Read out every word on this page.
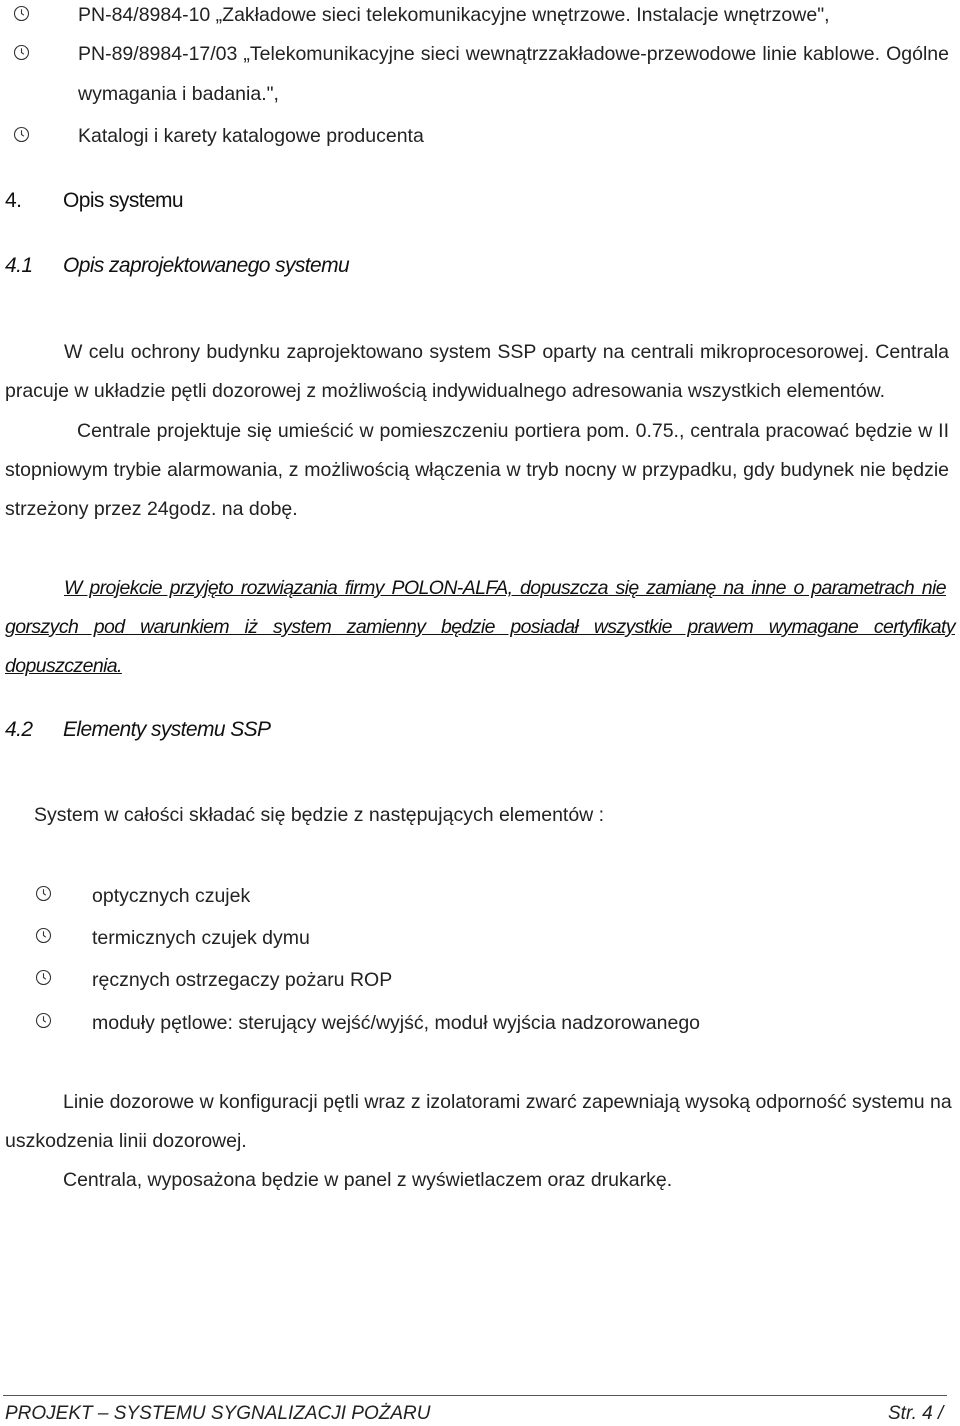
PN-84/8984-10 „Zakładowe sieci telekomunikacyjne wnętrzowe. Instalacje wnętrzowe",

PN-89/8984-17/03 „Telekomunikacyjne sieci wewnątrzzakładowe-przewodowe linie kablowe. Ogólne

wymagania i badania.",

Katalogi i karety katalogowe producenta

4. Opis systemu
4.1 Opis zaprojektowanego systemu

W celu ochrony budynku zaprojektowano system SSP oparty na centrali mikroprocesorowej. Centrala

pracuje w układzie pętli dozorowej z możliwością indywidualnego adresowania wszystkich elementów.

Centrale projektuje się umieścić w pomieszczeniu portiera pom. 0.75., centrala pracować będzie w II

stopniowym trybie alarmowania, z możliwością włączenia w tryb nocny w przypadku, gdy budynek nie będzie

strzeżony przez 24godz. na dobę.

W projekcie przyjęto rozwiązania firmy POLON-ALFA, dopuszcza się zamianę na inne o parametrach nie

gorszych pod warunkiem iż system zamienny będzie posiadał wszystkie prawem wymagane certyfikaty

dopuszczenia.

4.2 Elementy systemu SSP

System w całości składać się będzie z następujących elementów :

optycznych czujek

termicznych czujek dymu

ręcznych ostrzegaczy pożaru ROP

moduły pętlowe: sterujący wejść/wyjść, moduł wyjścia nadzorowanego

Linie dozorowe w konfiguracji pętli wraz z izolatorami zwarć zapewniają wysoką odporność systemu na

uszkodzenia linii dozorowej.

Centrala, wyposażona będzie w panel z wyświetlaczem oraz drukarkę.

PROJEKT – SYSTEMU SYGNALIZACJI POŻARU	Str. 4 /
